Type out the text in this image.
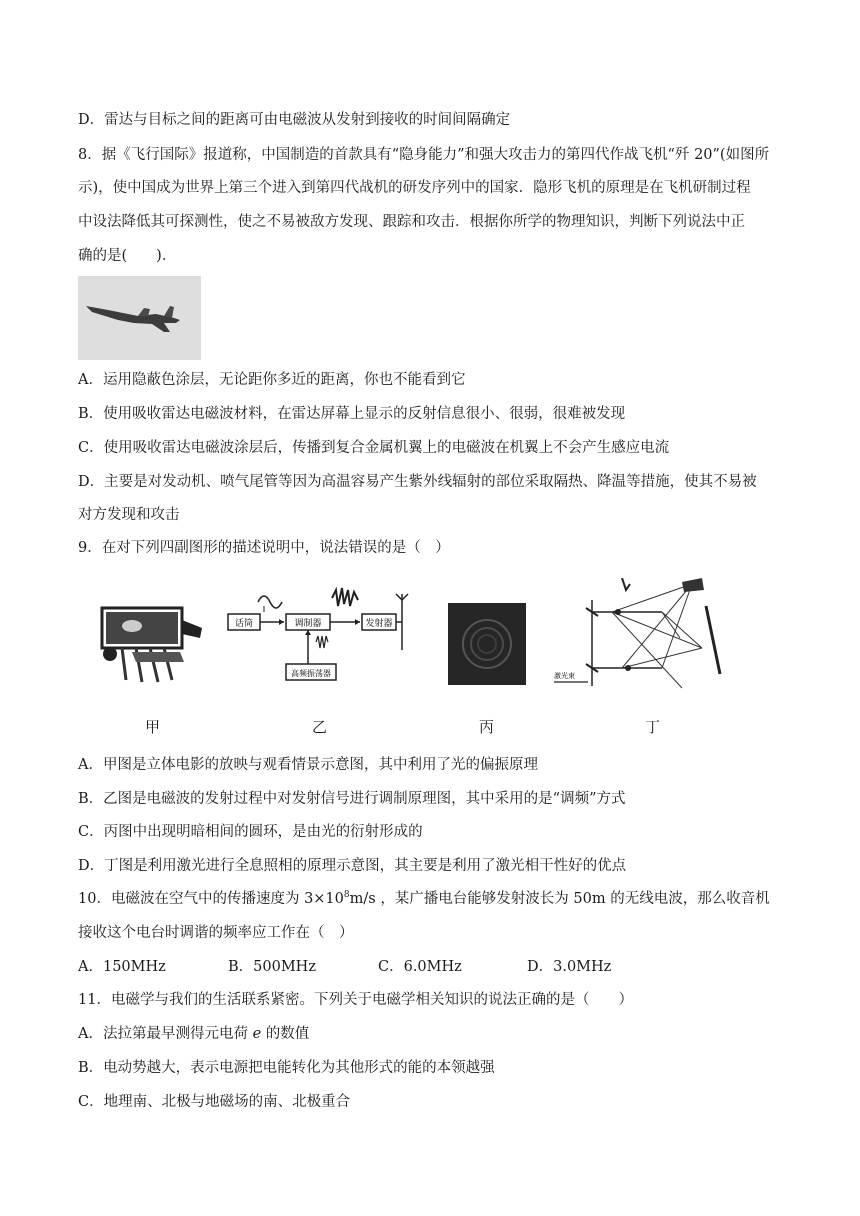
D．雷达与目标之间的距离可由电磁波从发射到接收的时间间隔确定
8．据《飞行国际》报道称，中国制造的首款具有“隐身能力”和强大攻击力的第四代作战飞机“歼 20”(如图所
示)，使中国成为世界上第三个进入到第四代战机的研发序列中的国家．隐形飞机的原理是在飞机研制过程
中设法降低其可探测性，使之不易被敌方发现、跟踪和攻击．根据你所学的物理知识，判断下列说法中正
确的是(　　)．
A．运用隐蔽色涂层，无论距你多近的距离，你也不能看到它
B．使用吸收雷达电磁波材料，在雷达屏幕上显示的反射信息很小、很弱，很难被发现
C．使用吸收雷达电磁波涂层后，传播到复合金属机翼上的电磁波在机翼上不会产生感应电流
D．主要是对发动机、喷气尾管等因为高温容易产生紫外线辐射的部位采取隔热、降温等措施，使其不易被
对方发现和攻击
9．在对下列四副图形的描述说明中，说法错误的是（　）
甲
话筒	调制器	发射器
高频振荡器
乙	丙
激光束
丁
A．甲图是立体电影的放映与观看情景示意图，其中利用了光的偏振原理
B．乙图是电磁波的发射过程中对发射信号进行调制原理图，其中采用的是“调频”方式
C．丙图中出现明暗相间的圆环，是由光的衍射形成的
D．丁图是利用激光进行全息照相的原理示意图，其主要是利用了激光相干性好的优点
10．电磁波在空气中的传播速度为 $3\times 10^8m/s$ ，某广播电台能够发射波长为 50m 的无线电波，那么收音机
接收这个电台时调谐的频率应工作在（　）
A．150MHz	B．500MHz	C．6.0MHz	D．3.0MHz
11．电磁学与我们的生活联系紧密。下列关于电磁学相关知识的说法正确的是（　　）
A．法拉第最早测得元电荷 e 的数值
B．电动势越大，表示电源把电能转化为其他形式的能的本领越强
C．地理南、北极与地磁场的南、北极重合
